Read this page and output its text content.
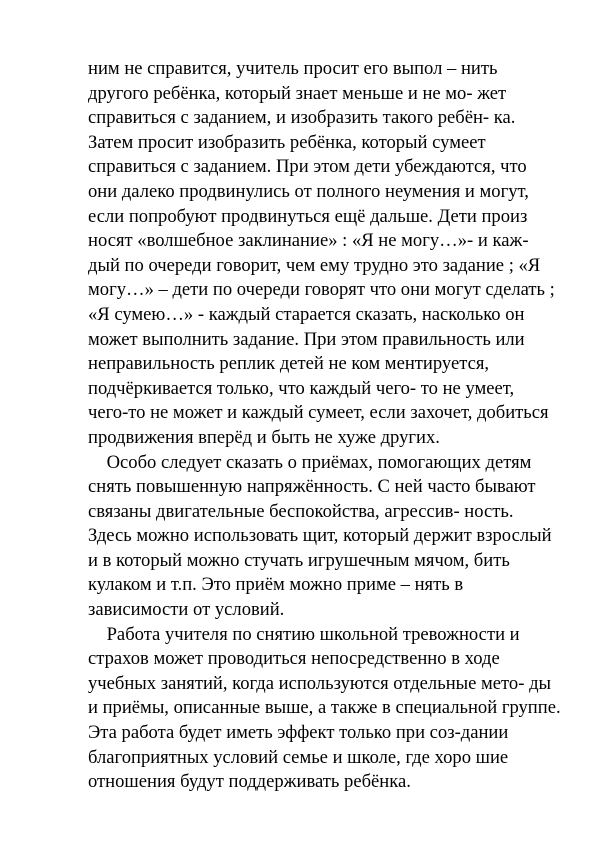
ним не справится, учитель просит его выпол – нить
другого ребёнка, который знает меньше и не мо- жет
справиться с заданием, и изобразить такого ребён- ка.
Затем просит изобразить ребёнка, который сумеет
справиться с заданием. При этом дети убеждаются, что
они далеко продвинулись от полного неумения и могут,
если попробуют продвинуться ещё дальше. Дети произ
носят «волшебное заклинание» : «Я не могу…»- и каж-
дый по очереди говорит, чем ему трудно это задание ; «Я
могу…» – дети по очереди говорят что они могут сделать ;
«Я сумею…» - каждый старается сказать, насколько он
может выполнить задание. При этом правильность или
неправильность реплик детей не ком ментируется,
подчёркивается только, что каждый чего- то не умеет,
чего-то не может и каждый сумеет, если захочет, добиться
продвижения вперёд и быть не хуже других.
Особо следует сказать о приёмах, помогающих детям
снять повышенную напряжённость. С ней часто бывают
связаны двигательные беспокойства, агрессив- ность.
Здесь можно использовать щит, который держит взрослый
и в который можно стучать игрушечным мячом, бить
кулаком и т.п. Это приём можно приме – нять в
зависимости от условий.
Работа учителя по снятию школьной тревожности и
страхов может проводиться непосредственно в ходе
учебных занятий, когда используются отдельные мето- ды
и приёмы, описанные выше, а также в специальной группе.
Эта работа будет иметь эффект только при соз-дании
благоприятных условий семье и школе, где хоро шие
отношения будут поддерживать ребёнка.
